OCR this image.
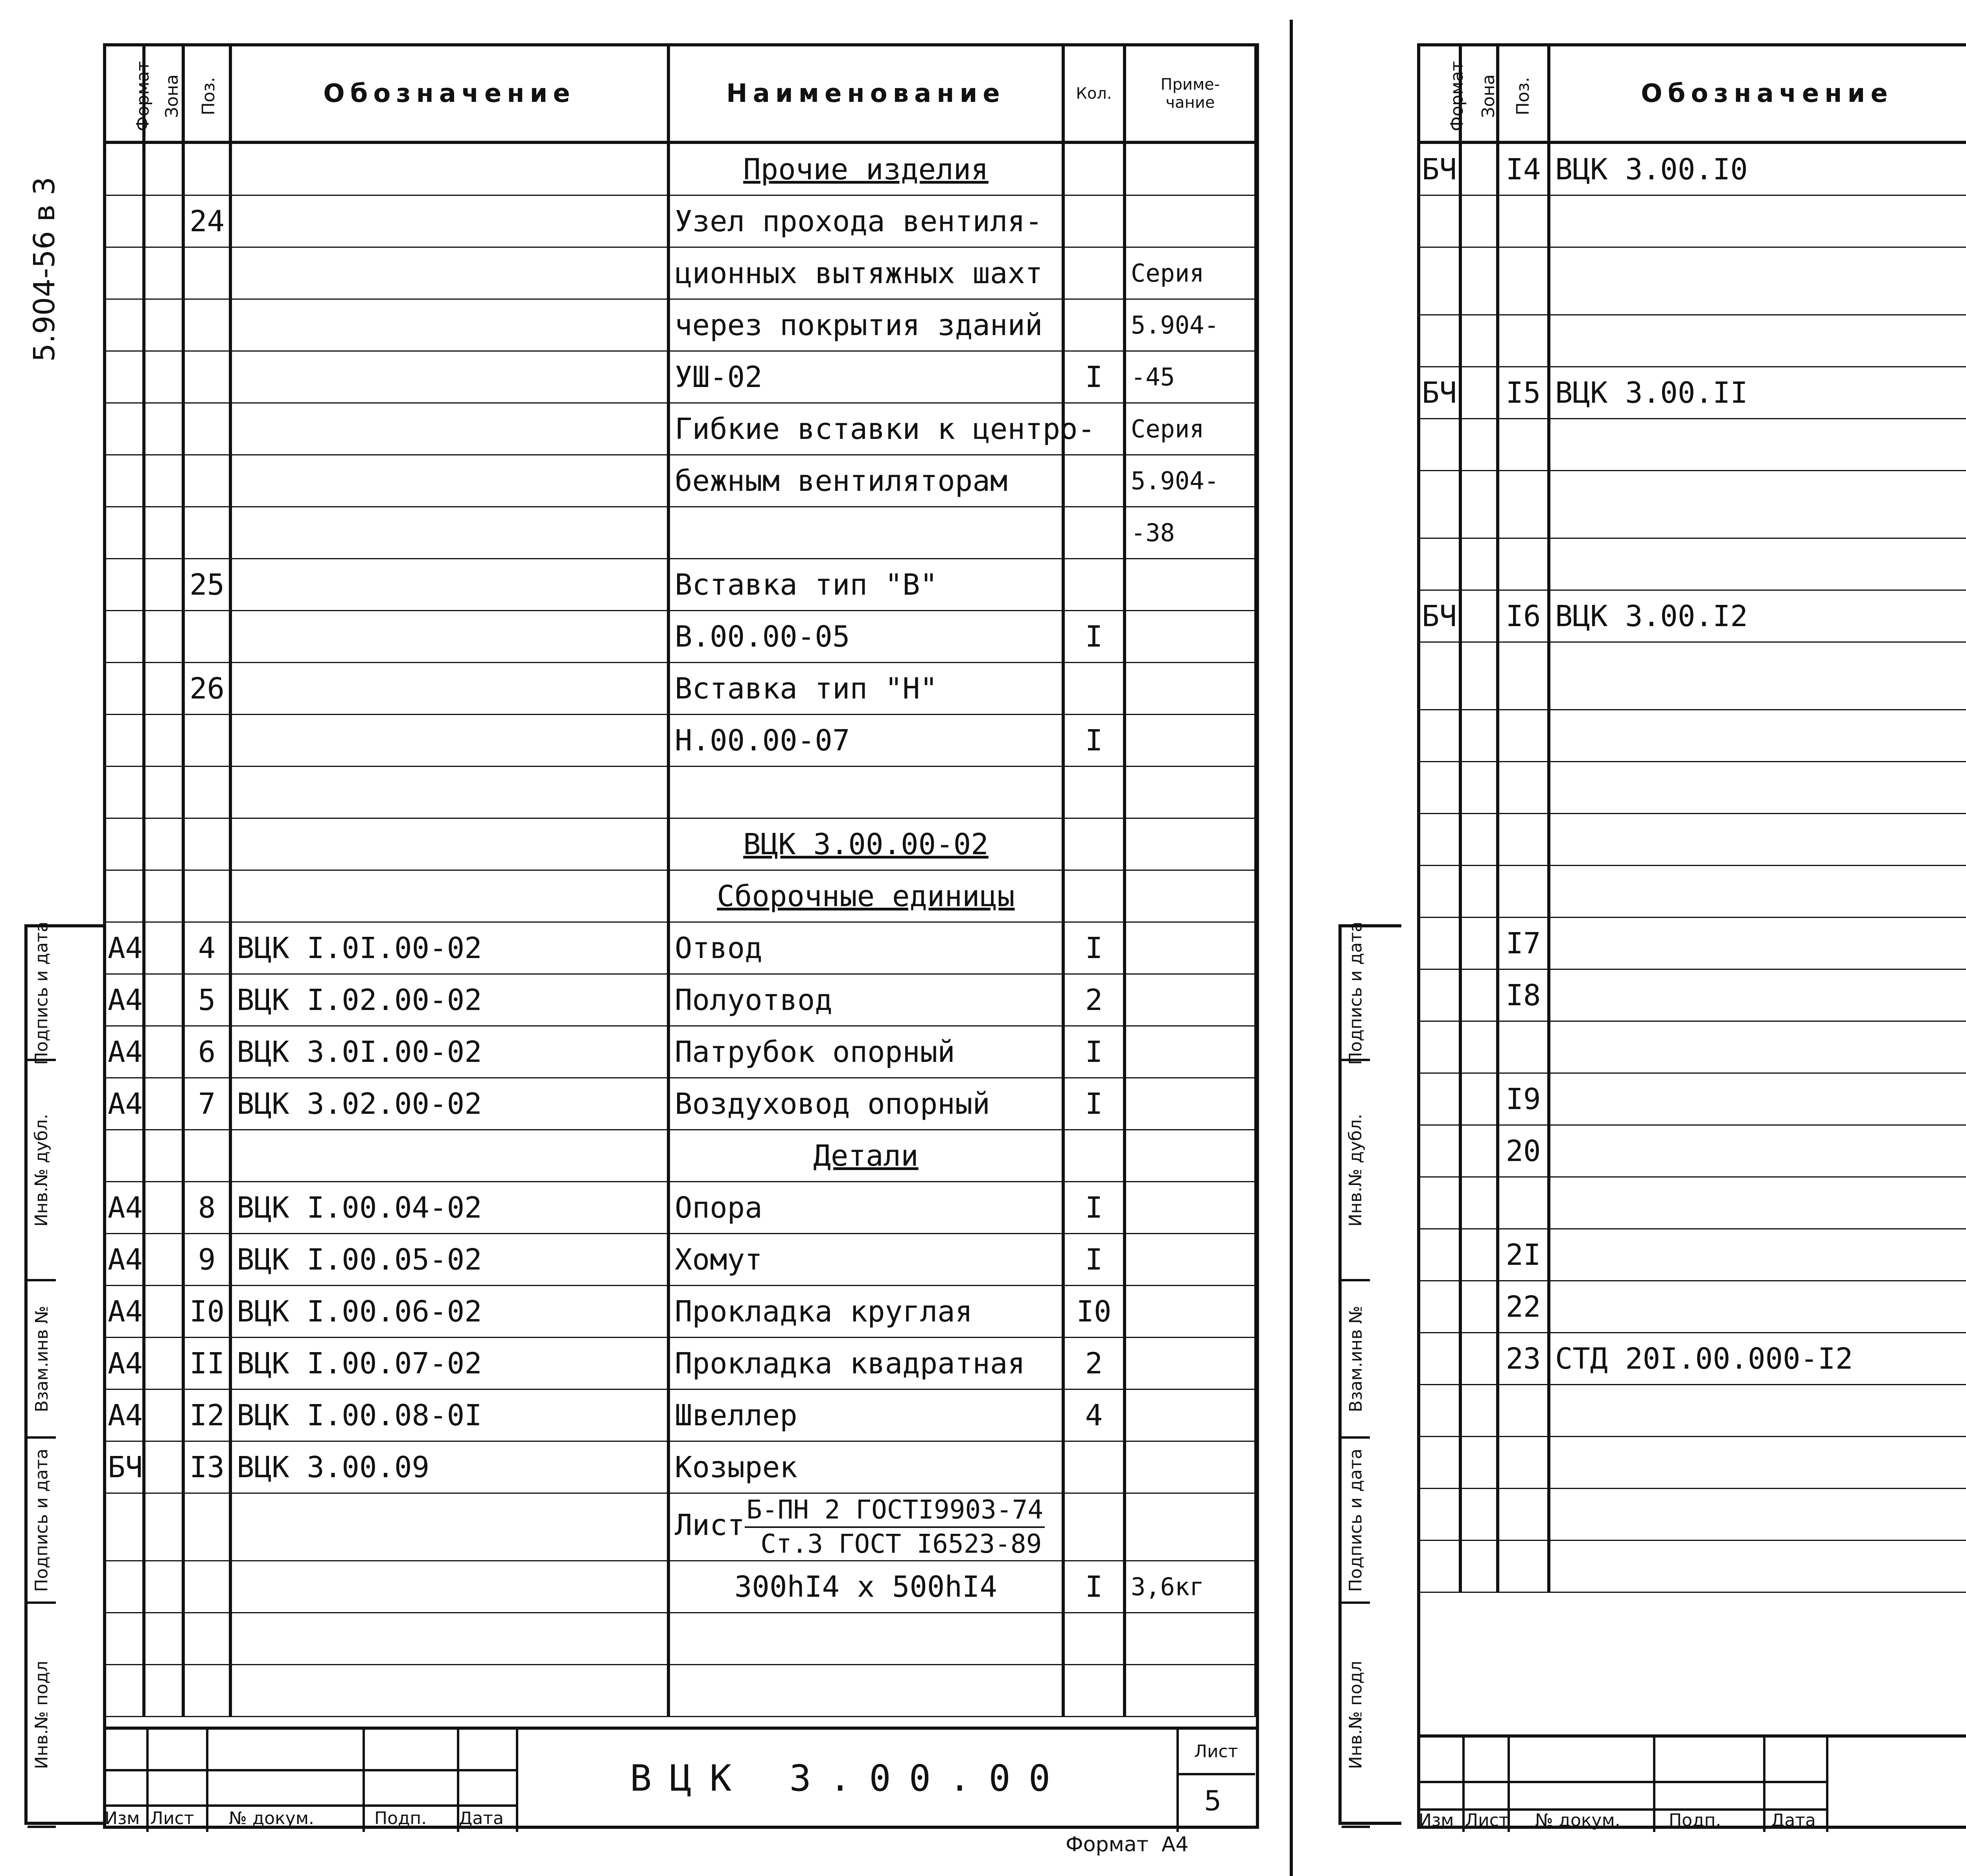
5.904-56 в 3
Подпись и дата
Инв.№ дубл.
Взам.инв №
Подпись и дата
Инв.№ подл
Формат	Зона	Поз.	Обозначение	Наименование	Кол.	Приме-
чание
				Прочие изделия		
		24		Узел прохода вентиля-		
				ционных вытяжных шахт		Серия
				через покрытия зданий		5.904-
				УШ-02	I	-45
				Гибкие вставки к центро-		Серия
				бежным вентиляторам		5.904-
						-38
		25		Вставка тип "В"		
				В.00.00-05	I	
		26		Вставка тип "Н"		
				Н.00.00-07	I	

				ВЦК 3.00.00-02		
				Сборочные единицы		
А4		4	ВЦК I.0I.00-02	Отвод	I	
А4		5	ВЦК I.02.00-02	Полуотвод	2	
А4		6	ВЦК 3.0I.00-02	Патрубок опорный	I	
А4		7	ВЦК 3.02.00-02	Воздуховод опорный	I	
				Детали		
А4		8	ВЦК I.00.04-02	Опора	I	
А4		9	ВЦК I.00.05-02	Хомут	I	
А4		I0	ВЦК I.00.06-02	Прокладка круглая	I0	
А4		II	ВЦК I.00.07-02	Прокладка квадратная	2	
А4		I2	ВЦК I.00.08-0I	Швеллер	4	
БЧ		I3	ВЦК 3.00.09	Козырек		
				Лист $\frac{\text{Б-ПН 2 ГОСТI9903-74}}{\text{Ст.3 ГОСТ I6523-89}}$

				300hI4 x 500hI4	I	3,6кг

Изм Лист № докум.	Подп. Дата
ВЦК 3.00.00
Лист
5
Формат А4
Подпись и дата
Инв.№ дубл.
Взам.инв №
Подпись и дата
Инв.№ подл
Формат	Зона	Поз.	Обозначение			
БЧ		I4	ВЦК 3.00.I0			

БЧ		I5	ВЦК 3.00.II			

БЧ		I6	ВЦК 3.00.I2			

		I7				
		I8				

		I9				
		20				

		2I				
		22				
		23	СТД 20I.00.000-I2			

Изм Лист № докум.	Дата
Подп.
